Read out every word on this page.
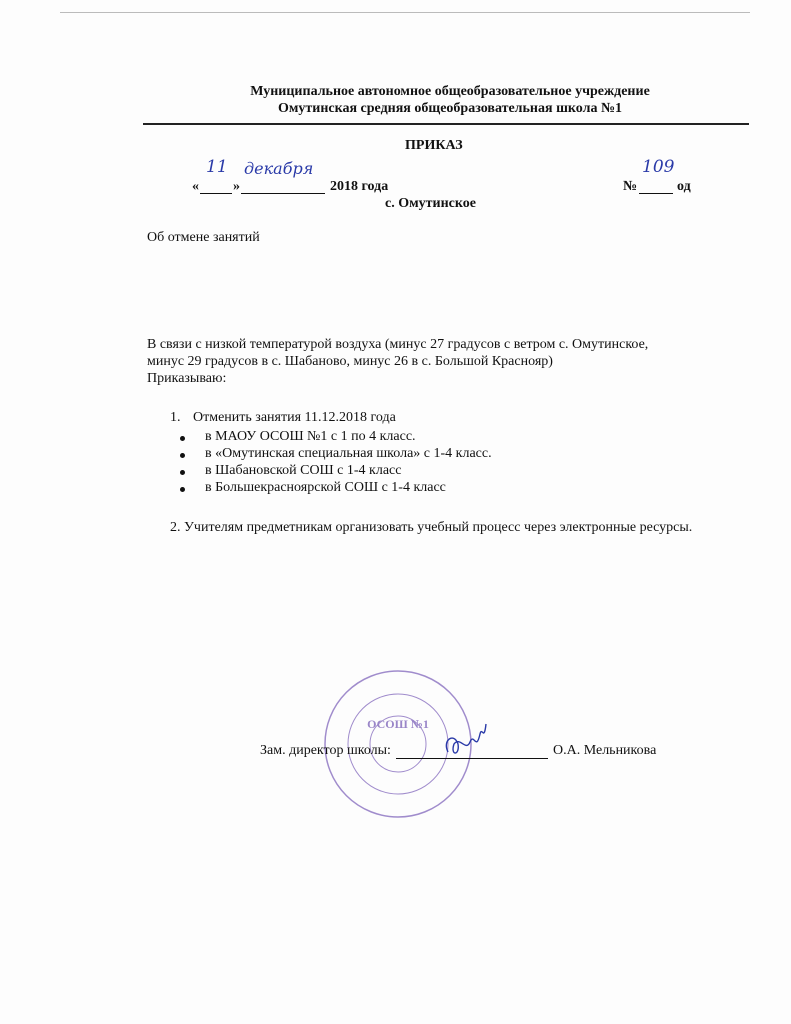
Муниципальное автономное общеобразовательное учреждение
Омутинская средняя общеобразовательная школа №1
ПРИКАЗ
«
11
»
декабря
2018 года	№
109
од
с. Омутинское
Об отмене занятий
В связи с низкой температурой воздуха (минус 27 градусов с ветром с. Омутинское,
минус 29 градусов в с. Шабаново, минус 26 в с. Большой Краснояр)
Приказываю:
1. Отменить занятия 11.12.2018 года
в МАОУ ОСОШ №1 с 1 по 4 класс.
в «Омутинская специальная школа» с 1-4 класс.
в Шабановской СОШ с 1-4 класс
в Большекрасноярской СОШ с 1-4 класс
2. Учителям предметникам организовать учебный процесс через электронные ресурсы.
ОСОШ №1
Зам. директор школы:	О.А. Мельникова
